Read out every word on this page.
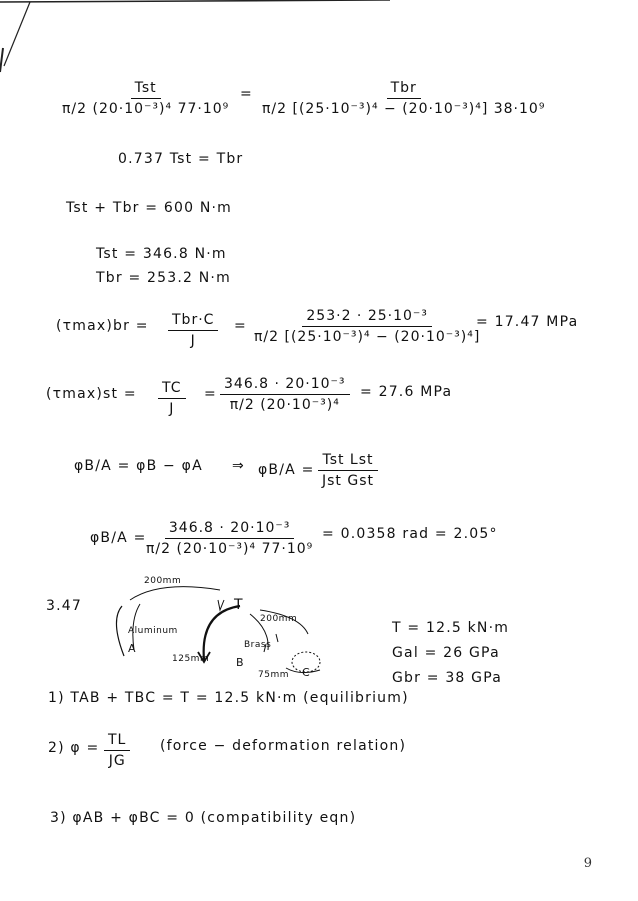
Tst
π/2 (20·10⁻³)⁴ 77·10⁹
=	Tbr
π/2 [(25·10⁻³)⁴ − (20·10⁻³)⁴] 38·10⁹
0.737 Tst = Tbr
Tst + Tbr = 600 N·m
Tst = 346.8 N·m
Tbr = 253.2 N·m
(τmax)br = Tbr·C
J
= $\frac{\text{253·2 · 25·10⁻³}}{\text{π/2 [(25·10⁻³)⁴ − (20·10⁻³)⁴]}}$
= 17.47 MPa
$(\tau\max)st = \frac{TC}{J} = \frac{\text{346.8 · 20·10⁻³}}{\text{π/2 (20·10⁻³)⁴}} = 27.6$ MPa
φB/A = φB − φA ⇒ φB/A =
Tst Lst
Jst Gst
φB/A =
$\frac{\text{346.8 · 20·10⁻³}}{\text{π/2 (20·10⁻³)⁴ 77·10⁹}} = 0.0358$ rad = 2.05°
3.47
200mm
T
200mm
Aluminum
Brass
A
125mm B
75mm C
T = 12.5 kN·m
Gal = 26 GPa
Gbr = 38 GPa
1) TAB + TBC = T = 12.5 kN·m (equilibrium)
2) $\varphi = \frac{TL}{JG}$ (force − deformation relation)
3) φAB + φBC = 0 (compatibility eqn)
9
